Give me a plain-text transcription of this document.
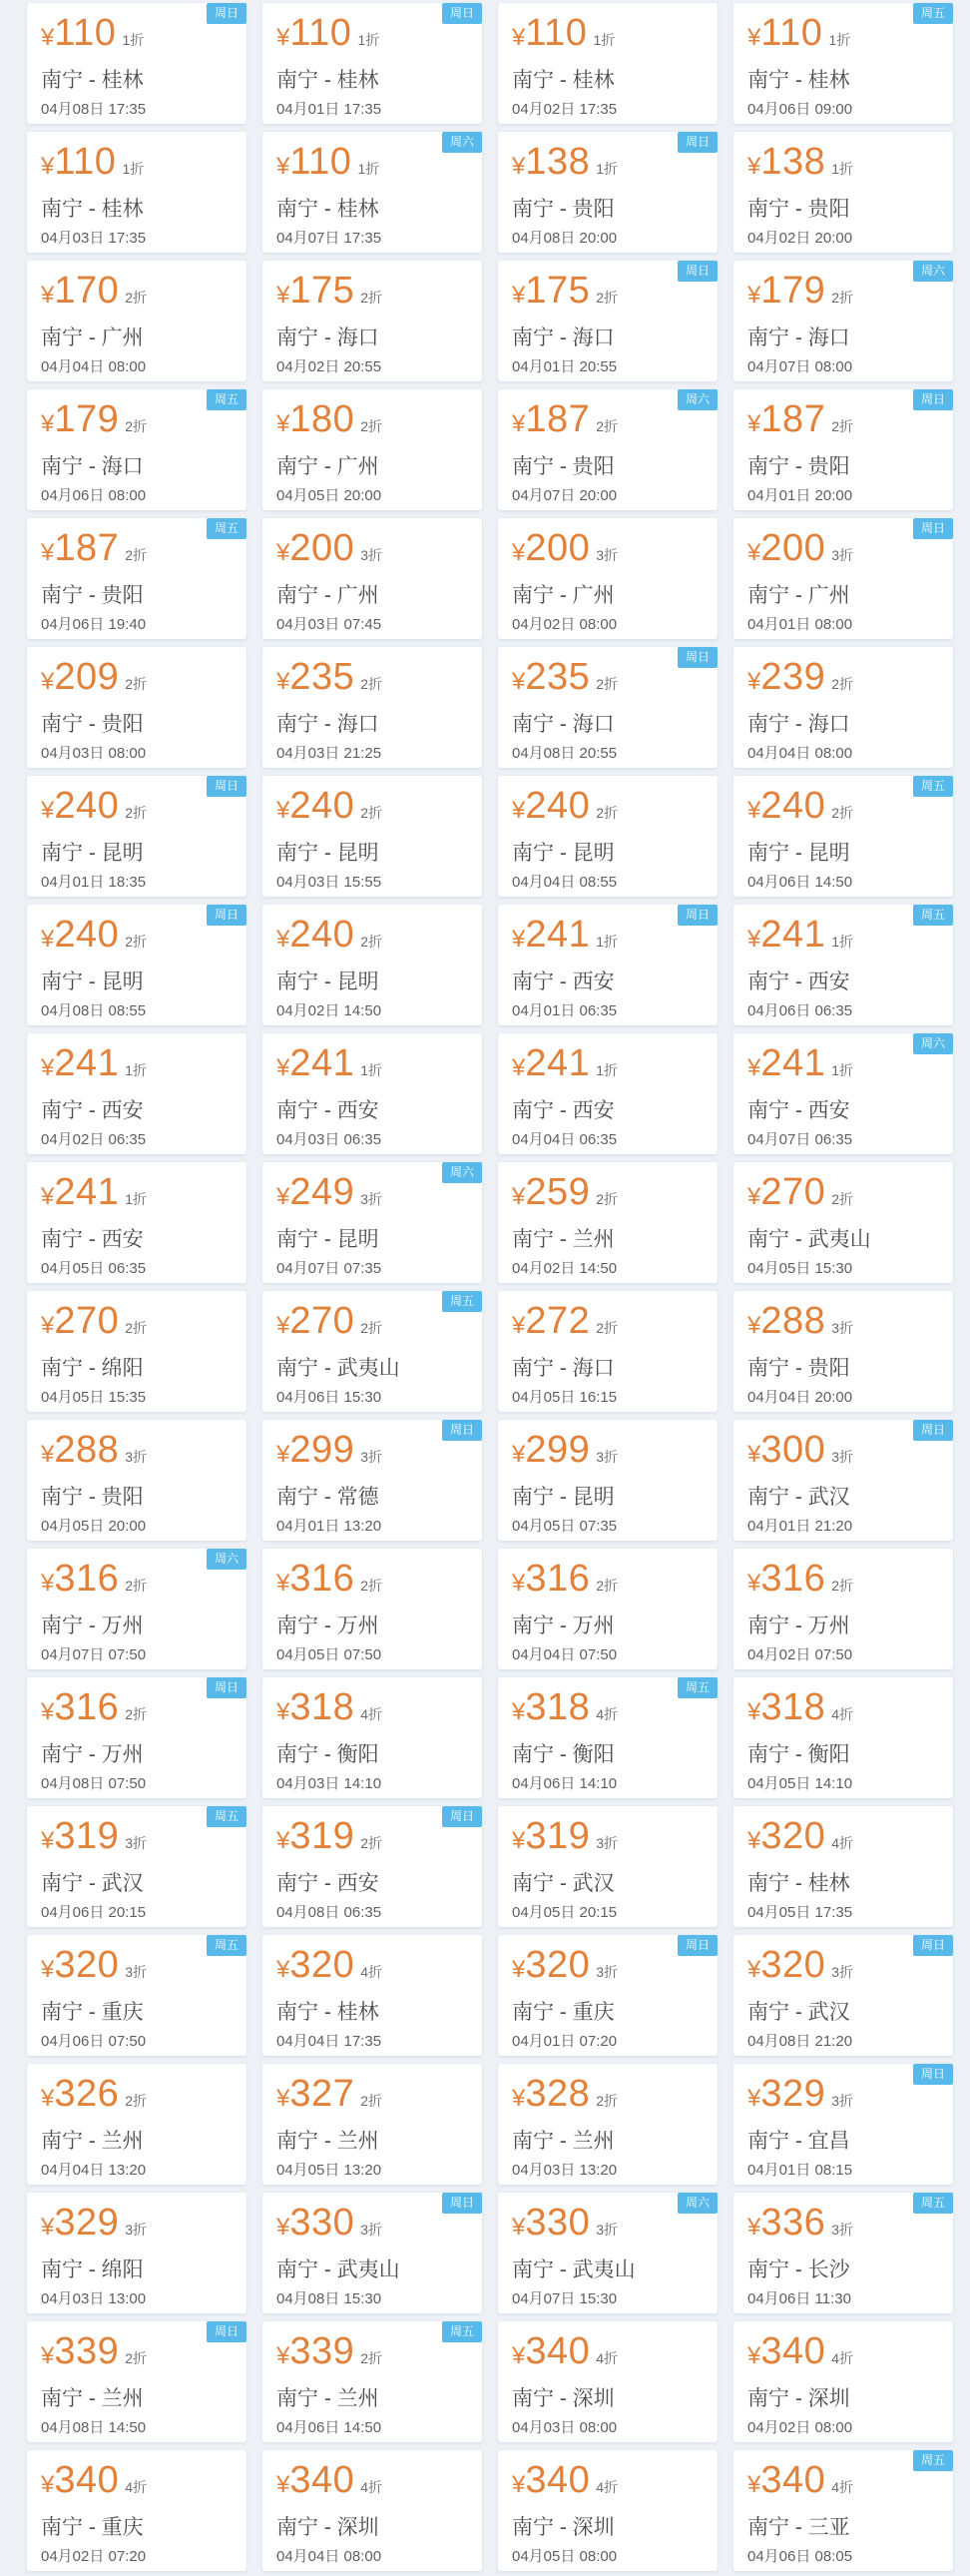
周日
¥ 110 1折
南宁 - 桂林
04月08日 17:35
周日
¥ 110 1折
南宁 - 桂林
04月01日 17:35
¥ 110 1折
南宁 - 桂林
04月02日 17:35
周五
¥ 110 1折
南宁 - 桂林
04月06日 09:00
¥ 110 1折
南宁 - 桂林
04月03日 17:35
周六
¥ 110 1折
南宁 - 桂林
04月07日 17:35
周日
¥ 138 1折
南宁 - 贵阳
04月08日 20:00
¥ 138 1折
南宁 - 贵阳
04月02日 20:00
¥ 170 2折
南宁 - 广州
04月04日 08:00
¥ 175 2折
南宁 - 海口
04月02日 20:55
周日
¥ 175 2折
南宁 - 海口
04月01日 20:55
周六
¥ 179 2折
南宁 - 海口
04月07日 08:00
周五
¥ 179 2折
南宁 - 海口
04月06日 08:00
¥ 180 2折
南宁 - 广州
04月05日 20:00
周六
¥ 187 2折
南宁 - 贵阳
04月07日 20:00
周日
¥ 187 2折
南宁 - 贵阳
04月01日 20:00
周五
¥ 187 2折
南宁 - 贵阳
04月06日 19:40
¥ 200 3折
南宁 - 广州
04月03日 07:45
¥ 200 3折
南宁 - 广州
04月02日 08:00
周日
¥ 200 3折
南宁 - 广州
04月01日 08:00
¥ 209 2折
南宁 - 贵阳
04月03日 08:00
¥ 235 2折
南宁 - 海口
04月03日 21:25
周日
¥ 235 2折
南宁 - 海口
04月08日 20:55
¥ 239 2折
南宁 - 海口
04月04日 08:00
周日
¥ 240 2折
南宁 - 昆明
04月01日 18:35
¥ 240 2折
南宁 - 昆明
04月03日 15:55
¥ 240 2折
南宁 - 昆明
04月04日 08:55
周五
¥ 240 2折
南宁 - 昆明
04月06日 14:50
周日
¥ 240 2折
南宁 - 昆明
04月08日 08:55
¥ 240 2折
南宁 - 昆明
04月02日 14:50
周日
¥ 241 1折
南宁 - 西安
04月01日 06:35
周五
¥ 241 1折
南宁 - 西安
04月06日 06:35
¥ 241 1折
南宁 - 西安
04月02日 06:35
¥ 241 1折
南宁 - 西安
04月03日 06:35
¥ 241 1折
南宁 - 西安
04月04日 06:35
周六
¥ 241 1折
南宁 - 西安
04月07日 06:35
¥ 241 1折
南宁 - 西安
04月05日 06:35
周六
¥ 249 3折
南宁 - 昆明
04月07日 07:35
¥ 259 2折
南宁 - 兰州
04月02日 14:50
¥ 270 2折
南宁 - 武夷山
04月05日 15:30
¥ 270 2折
南宁 - 绵阳
04月05日 15:35
周五
¥ 270 2折
南宁 - 武夷山
04月06日 15:30
¥ 272 2折
南宁 - 海口
04月05日 16:15
¥ 288 3折
南宁 - 贵阳
04月04日 20:00
¥ 288 3折
南宁 - 贵阳
04月05日 20:00
周日
¥ 299 3折
南宁 - 常德
04月01日 13:20
¥ 299 3折
南宁 - 昆明
04月05日 07:35
周日
¥ 300 3折
南宁 - 武汉
04月01日 21:20
周六
¥ 316 2折
南宁 - 万州
04月07日 07:50
¥ 316 2折
南宁 - 万州
04月05日 07:50
¥ 316 2折
南宁 - 万州
04月04日 07:50
¥ 316 2折
南宁 - 万州
04月02日 07:50
周日
¥ 316 2折
南宁 - 万州
04月08日 07:50
¥ 318 4折
南宁 - 衡阳
04月03日 14:10
周五
¥ 318 4折
南宁 - 衡阳
04月06日 14:10
¥ 318 4折
南宁 - 衡阳
04月05日 14:10
周五
¥ 319 3折
南宁 - 武汉
04月06日 20:15
周日
¥ 319 2折
南宁 - 西安
04月08日 06:35
¥ 319 3折
南宁 - 武汉
04月05日 20:15
¥ 320 4折
南宁 - 桂林
04月05日 17:35
周五
¥ 320 3折
南宁 - 重庆
04月06日 07:50
¥ 320 4折
南宁 - 桂林
04月04日 17:35
周日
¥ 320 3折
南宁 - 重庆
04月01日 07:20
周日
¥ 320 3折
南宁 - 武汉
04月08日 21:20
¥ 326 2折
南宁 - 兰州
04月04日 13:20
¥ 327 2折
南宁 - 兰州
04月05日 13:20
¥ 328 2折
南宁 - 兰州
04月03日 13:20
周日
¥ 329 3折
南宁 - 宜昌
04月01日 08:15
¥ 329 3折
南宁 - 绵阳
04月03日 13:00
周日
¥ 330 3折
南宁 - 武夷山
04月08日 15:30
周六
¥ 330 3折
南宁 - 武夷山
04月07日 15:30
周五
¥ 336 3折
南宁 - 长沙
04月06日 11:30
周日
¥ 339 2折
南宁 - 兰州
04月08日 14:50
周五
¥ 339 2折
南宁 - 兰州
04月06日 14:50
¥ 340 4折
南宁 - 深圳
04月03日 08:00
¥ 340 4折
南宁 - 深圳
04月02日 08:00
¥ 340 4折
南宁 - 重庆
04月02日 07:20
¥ 340 4折
南宁 - 深圳
04月04日 08:00
¥ 340 4折
南宁 - 深圳
04月05日 08:00
周五
¥ 340 4折
南宁 - 三亚
04月06日 08:05
